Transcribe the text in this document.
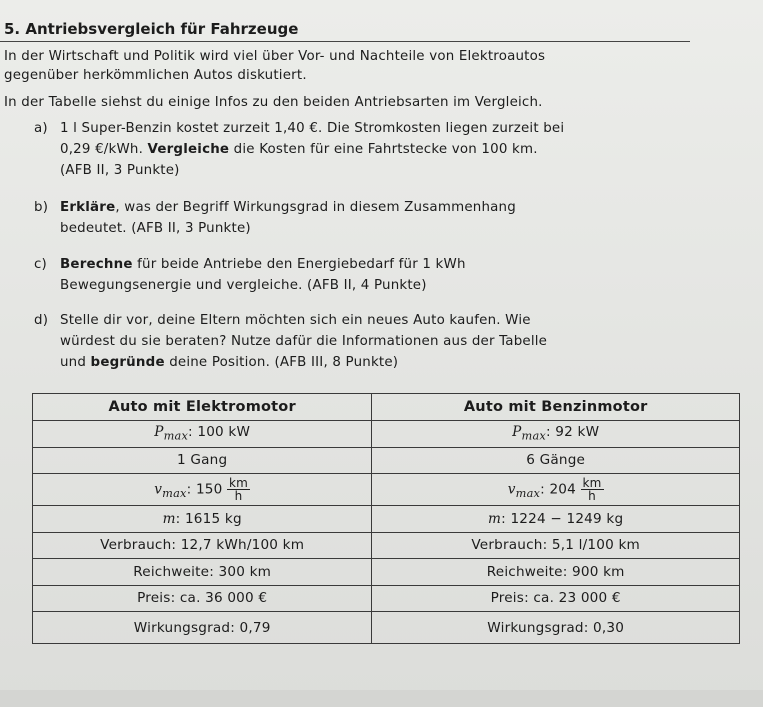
5. Antriebsvergleich für Fahrzeuge
In der Wirtschaft und Politik wird viel über Vor- und Nachteile von Elektroautos
gegenüber herkömmlichen Autos diskutiert.
In der Tabelle siehst du einige Infos zu den beiden Antriebsarten im Vergleich.
a) 1 l Super-Benzin kostet zurzeit 1,40 €. Die Stromkosten liegen zurzeit bei
0,29 €/kWh. Vergleiche die Kosten für eine Fahrtstecke von 100 km.
(AFB II, 3 Punkte)
b) Erkläre, was der Begriff Wirkungsgrad in diesem Zusammenhang
bedeutet. (AFB II, 3 Punkte)
c) Berechne für beide Antriebe den Energiebedarf für 1 kWh
Bewegungsenergie und vergleiche. (AFB II, 4 Punkte)
d) Stelle dir vor, deine Eltern möchten sich ein neues Auto kaufen. Wie
würdest du sie beraten? Nutze dafür die Informationen aus der Tabelle
und begründe deine Position. (AFB III, 8 Punkte)
Auto mit Elektromotor	Auto mit Benzinmotor
$P_{max}$: 100 kW	$P_{max}$: 92 kW
1 Gang	6 Gänge
$v_{max}$: $150 \frac{km}{h}$	$v_{max}$: $204 \frac{km}{h}$

m: 1615 kg	m: 1224 − 1249 kg
Verbrauch: 12,7 kWh/100 km	Verbrauch: 5,1 l/100 km
Reichweite: 300 km	Reichweite: 900 km
Preis: ca. 36 000 €	Preis: ca. 23 000 €
Wirkungsgrad: 0,79	Wirkungsgrad: 0,30
